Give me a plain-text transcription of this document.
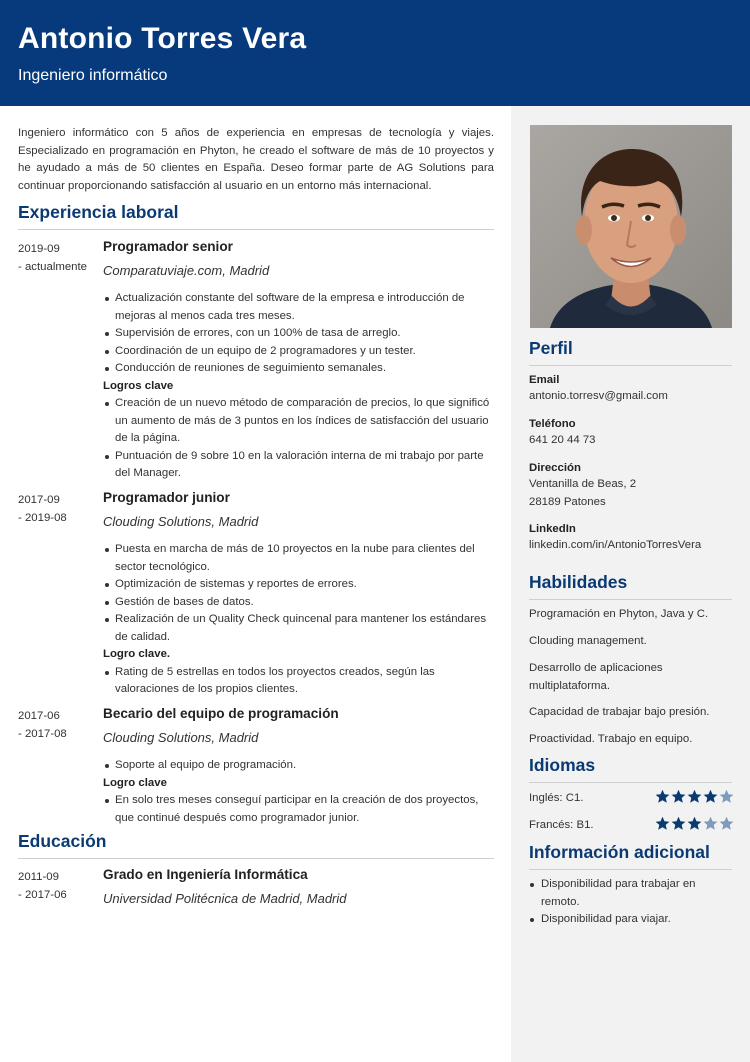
Antonio Torres Vera
Ingeniero informático
Ingeniero informático con 5 años de experiencia en empresas de tecnología y viajes. Especializado en programación en Phyton, he creado el software de más de 10 proyectos y he ayudado a más de 50 clientes en España. Deseo formar parte de AG Solutions para continuar proporcionando satisfacción al usuario en un entorno más internacional.
Experiencia laboral
2019-09
- actualmente
Programador senior
Comparatuviaje.com, Madrid
Actualización constante del software de la empresa e introducción de mejoras al menos cada tres meses.
Supervisión de errores, con un 100% de tasa de arreglo.
Coordinación de un equipo de 2 programadores y un tester.
Conducción de reuniones de seguimiento semanales.
Logros clave
Creación de un nuevo método de comparación de precios, lo que significó un aumento de más de 3 puntos en los índices de satisfacción del usuario de la página.
Puntuación de 9 sobre 10 en la valoración interna de mi trabajo por parte del Manager.
2017-09
- 2019-08
Programador junior
Clouding Solutions, Madrid
Puesta en marcha de más de 10 proyectos en la nube para clientes del sector tecnológico.
Optimización de sistemas y reportes de errores.
Gestión de bases de datos.
Realización de un Quality Check quincenal para mantener los estándares de calidad.
Logro clave.
Rating de 5 estrellas en todos los proyectos creados, según las valoraciones de los propios clientes.
2017-06
- 2017-08
Becario del equipo de programación
Clouding Solutions, Madrid
Soporte al equipo de programación.
Logro clave
En solo tres meses conseguí participar en la creación de dos proyectos, que continué después como programador junior.
Educación
2011-09
- 2017-06
Grado en Ingeniería Informática
Universidad Politécnica de Madrid, Madrid
Perfil
Email
antonio.torresv@gmail.com
Teléfono
641 20 44 73
Dirección
Ventanilla de Beas, 2
28189 Patones
LinkedIn
linkedin.com/in/AntonioTorresVera
Habilidades
Programación en Phyton, Java y C.
Clouding management.
Desarrollo de aplicaciones multiplataforma.
Capacidad de trabajar bajo presión.
Proactividad. Trabajo en equipo.
Idiomas
Inglés: C1.
Francés: B1.
Información adicional
Disponibilidad para trabajar en remoto.
Disponibilidad para viajar.
